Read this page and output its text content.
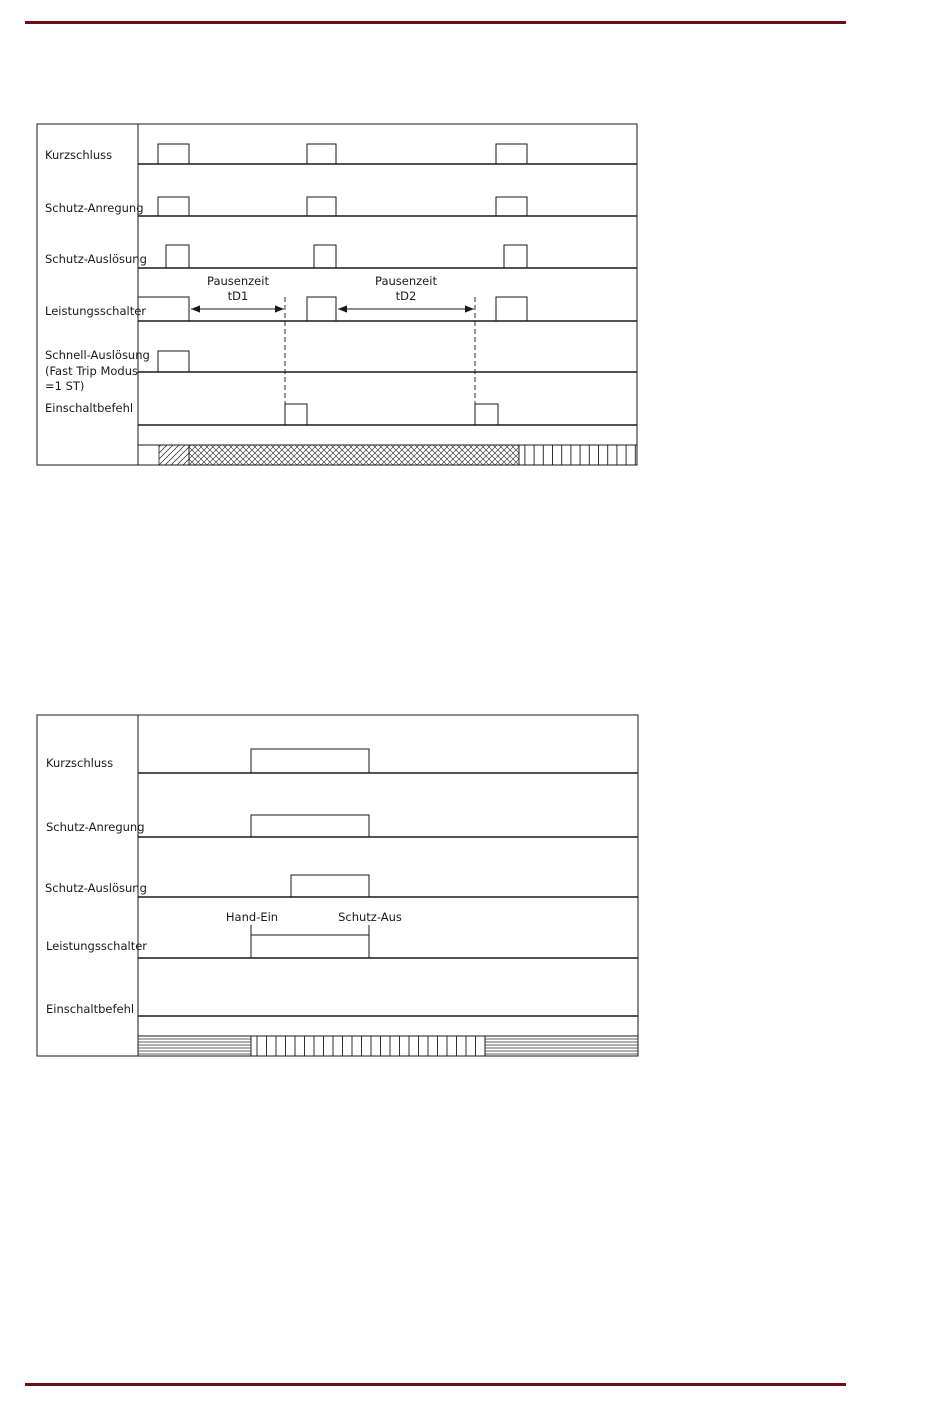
Kurzschluss
Schutz-Anregung
Schutz-Auslösung
Leistungsschalter
Schnell-Auslösung
(Fast Trip Modus
=1 ST)
Einschaltbefehl
Pausenzeit
tD1
Pausenzeit
tD2
Kurzschluss
Schutz-Anregung
Schutz-Auslösung
Leistungsschalter
Einschaltbefehl
Hand-Ein	Schutz-Aus
